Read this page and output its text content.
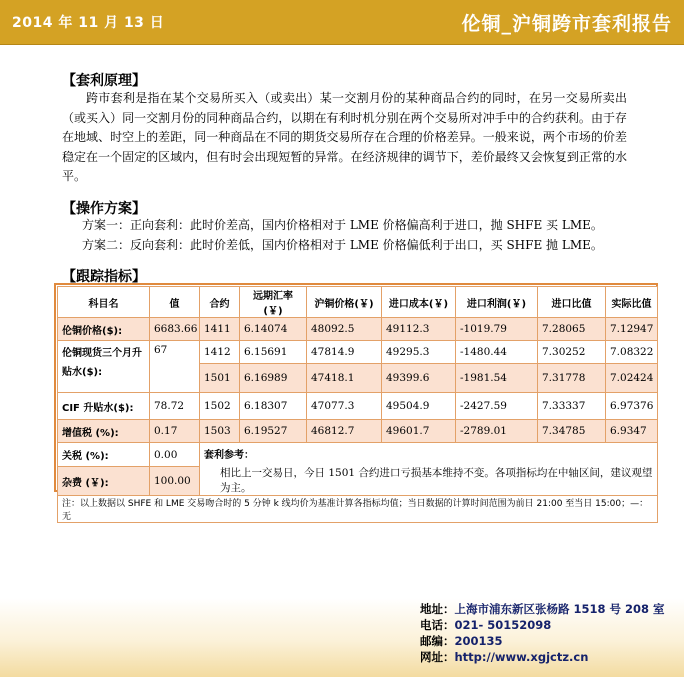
2014 年 11 月 13 日	伦铜_沪铜跨市套利报告
【套利原理】
跨市套利是指在某个交易所买入（或卖出）某一交割月份的某种商品合约的同时，在另一交易所卖出（或买入）同一交割月份的同种商品合约，以期在有利时机分别在两个交易所对冲手中的合约获利。由于存在地域、时空上的差距，同一种商品在不同的期货交易所存在合理的价格差异。一般来说，两个市场的价差稳定在一个固定的区域内，但有时会出现短暂的异常。在经济规律的调节下，差价最终又会恢复到正常的水平。
【操作方案】
方案一：正向套利：此时价差高，国内价格相对于 LME 价格偏高利于进口，抛 SHFE 买 LME。
方案二：反向套利：此时价差低，国内价格相对于 LME 价格偏低利于出口，买 SHFE 抛 LME。
【跟踪指标】
科目名	值	合约	远期汇率(￥)	沪铜价格(￥)	进口成本(￥)	进口利润(￥)	进口比值	实际比值
伦铜价格($):	6683.66	1411	6.14074	48092.5	49112.3	-1019.79	7.28065	7.12947
伦铜现货三个月升贴水($):	67	1412	6.15691	47814.9	49295.3	-1480.44	7.30252	7.08322
		1501	6.16989	47418.1	49399.6	-1981.54	7.31778	7.02424
CIF 升贴水($):	78.72	1502	6.18307	47077.3	49504.9	-2427.59	7.33337	6.97376
增值税 (%):	0.17	1503	6.19527	46812.7	49601.7	-2789.01	7.34785	6.9347
关税 (%):	0.00	套利参考：
相比上一交易日，今日 1501 合约进口亏损基本维持不变。各项指标均在中轴区间，建议观望为主。						

杂费 (￥):	100.00							
注：以上数据以 SHFE 和 LME 交易吻合时的 5 分钟 k 线均价为基准计算各指标均值；当日数据的计算时间范围为前日 21:00 至当日 15:00；—：无								
地址：上海市浦东新区张杨路 1518 号 208 室
电话：021- 50152098
邮编：200135
网址：http://www.xgjctz.cn
